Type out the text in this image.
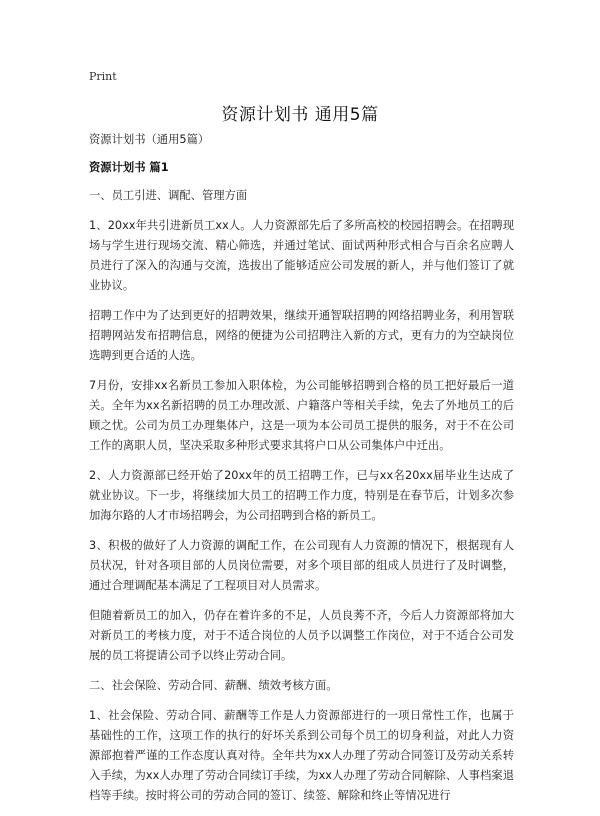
Print
资源计划书 通用5篇

资源计划书（通用5篇）

资源计划书 篇1

一、员工引进、调配、管理方面

1、20xx年共引进新员工xx人。人力资源部先后了多所高校的校园招聘会。在招聘现场与学生进行现场交流、精心筛选，并通过笔试、面试两种形式相合与百余名应聘人员进行了深入的沟通与交流，选拔出了能够适应公司发展的新人，并与他们签订了就业协议。

招聘工作中为了达到更好的招聘效果，继续开通智联招聘的网络招聘业务，利用智联招聘网站发布招聘信息，网络的便捷为公司招聘注入新的方式，更有力的为空缺岗位选聘到更合适的人选。

7月份，安排xx名新员工参加入职体检，为公司能够招聘到合格的员工把好最后一道关。全年为xx名新招聘的员工办理改派、户籍落户等相关手续，免去了外地员工的后顾之忧。公司为员工办理集体户，这是一项为本公司员工提供的服务，对于不在公司工作的离职人员，坚决采取多种形式要求其将户口从公司集体户中迁出。

2、人力资源部已经开始了20xx年的员工招聘工作，已与xx名20xx届毕业生达成了就业协议。下一步，将继续加大员工的招聘工作力度，特别是在春节后，计划多次参加海尔路的人才市场招聘会，为公司招聘到合格的新员工。

3、积极的做好了人力资源的调配工作，在公司现有人力资源的情况下，根据现有人员状况，针对各项目部的人员岗位需要，对多个项目部的组成人员进行了及时调整，通过合理调配基本满足了工程项目对人员需求。

但随着新员工的加入，仍存在着许多的不足，人员良莠不齐，今后人力资源部将加大对新员工的考核力度，对于不适合岗位的人员予以调整工作岗位，对于不适合公司发展的员工将提请公司予以终止劳动合同。

二、社会保险、劳动合同、薪酬、绩效考核方面。

1、社会保险、劳动合同、薪酬等工作是人力资源部进行的一项日常性工作，也属于基础性的工作，这项工作的执行的好坏关系到公司每个员工的切身利益，对此人力资源部抱着严谨的工作态度认真对待。全年共为xx人办理了劳动合同签订及劳动关系转入手续，为xx人办理了劳动合同续订手续，为xx人办理了劳动合同解除、人事档案退档等手续。按时将公司的劳动合同的签订、续签、解除和终止等情况进行
